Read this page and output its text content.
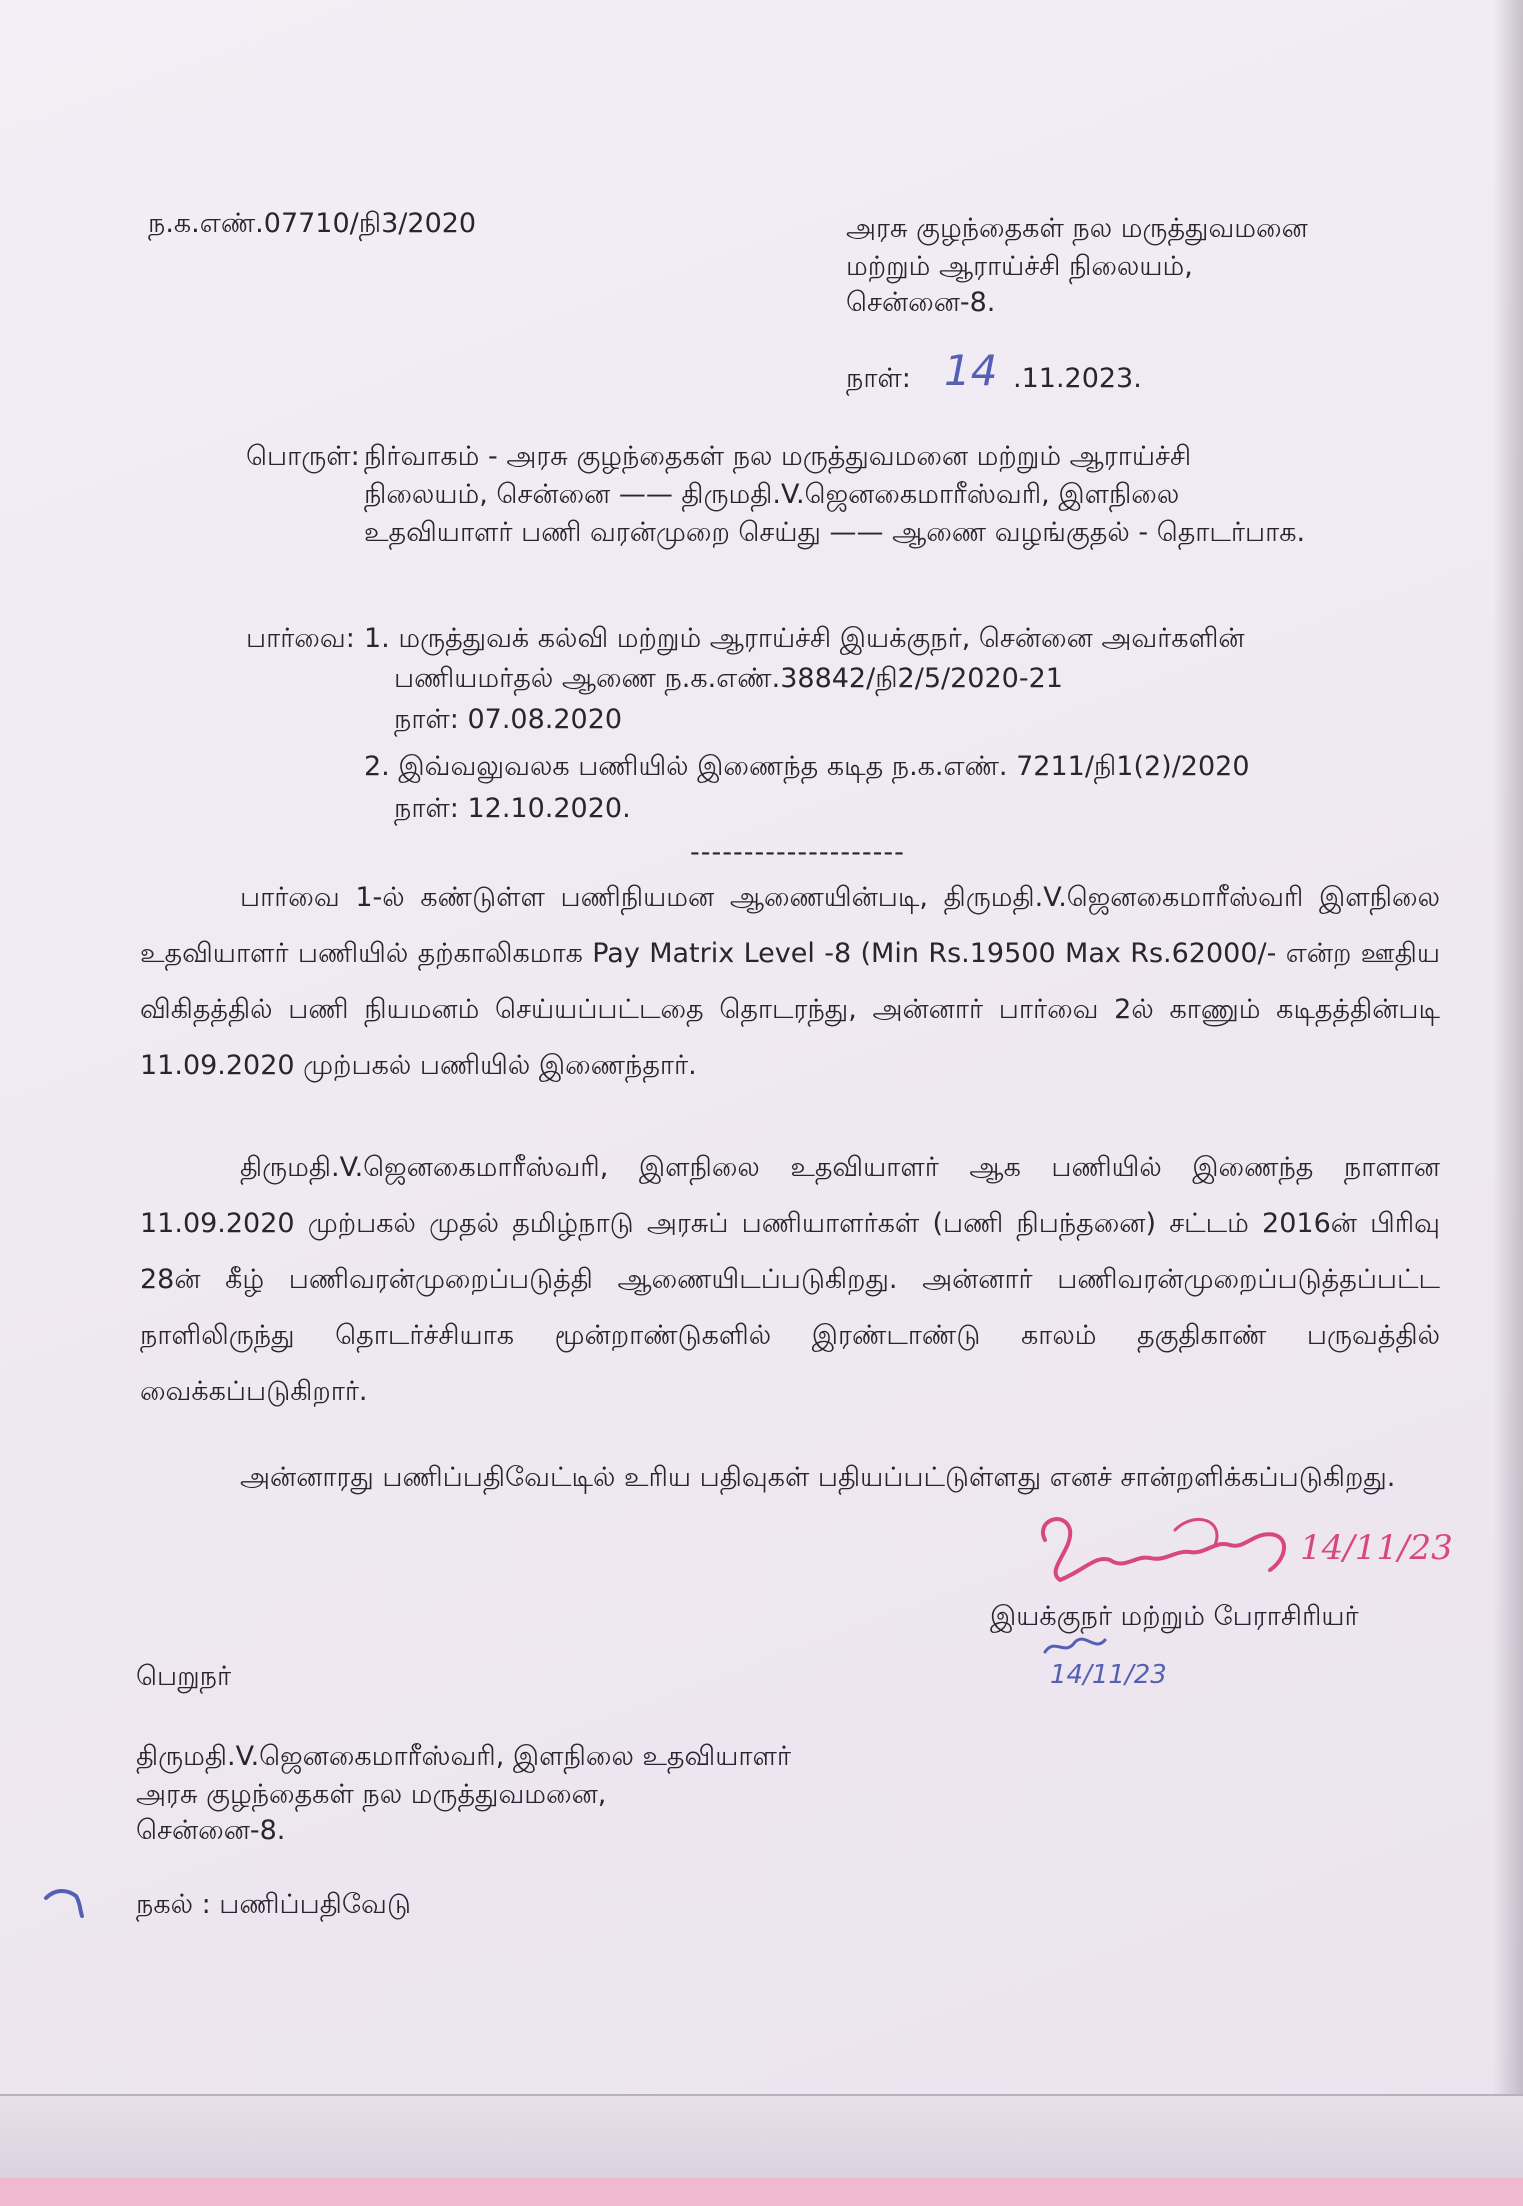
ந.க.எண்.07710/நி3/2020	அரசு குழந்தைகள் நல மருத்துவமனை
மற்றும் ஆராய்ச்சி நிலையம்,
சென்னை-8.
நாள்: 14 .11.2023.
பொருள்: நிர்வாகம் - அரசு குழந்தைகள் நல மருத்துவமனை மற்றும் ஆராய்ச்சி
நிலையம், சென்னை —— திருமதி.V.ஜெனகைமாரீஸ்வரி, இளநிலை
உதவியாளர் பணி வரன்முறை செய்து —— ஆணை வழங்குதல் - தொடர்பாக.
பார்வை: 1. மருத்துவக் கல்வி மற்றும் ஆராய்ச்சி இயக்குநர், சென்னை அவர்களின்
பணியமர்தல் ஆணை ந.க.எண்.38842/நி2/5/2020-21
நாள்: 07.08.2020
2. இவ்வலுவலக பணியில் இணைந்த கடித ந.க.எண். 7211/நி1(2)/2020
நாள்: 12.10.2020.
--------------------
பார்வை 1-ல் கண்டுள்ள பணிநியமன ஆணையின்படி, திருமதி.V.ஜெனகைமாரீஸ்வரி இளநிலை உதவியாளர் பணியில் தற்காலிகமாக Pay Matrix Level -8 (Min Rs.19500 Max Rs.62000/- என்ற ஊதிய விகிதத்தில் பணி நியமனம் செய்யப்பட்டதை தொடரந்து, அன்னார் பார்வை 2ல் காணும் கடிதத்தின்படி 11.09.2020 முற்பகல் பணியில் இணைந்தார்.
திருமதி.V.ஜெனகைமாரீஸ்வரி, இளநிலை உதவியாளர் ஆக பணியில் இணைந்த நாளான 11.09.2020 முற்பகல் முதல் தமிழ்நாடு அரசுப் பணியாளர்கள் (பணி நிபந்தனை) சட்டம் 2016ன் பிரிவு 28ன் கீழ் பணிவரன்முறைப்படுத்தி ஆணையிடப்படுகிறது. அன்னார் பணிவரன்முறைப்படுத்தப்பட்ட நாளிலிருந்து தொடர்ச்சியாக மூன்றாண்டுகளில் இரண்டாண்டு காலம் தகுதிகாண் பருவத்தில் வைக்கப்படுகிறார்.
அன்னாரது பணிப்பதிவேட்டில் உரிய பதிவுகள் பதியப்பட்டுள்ளது எனச் சான்றளிக்கப்படுகிறது.
14/11/23
இயக்குநர் மற்றும் பேராசிரியர்
14/11/23
பெறுநர்
திருமதி.V.ஜெனகைமாரீஸ்வரி, இளநிலை உதவியாளர்
அரசு குழந்தைகள் நல மருத்துவமனை,
சென்னை-8.
நகல் : பணிப்பதிவேடு
